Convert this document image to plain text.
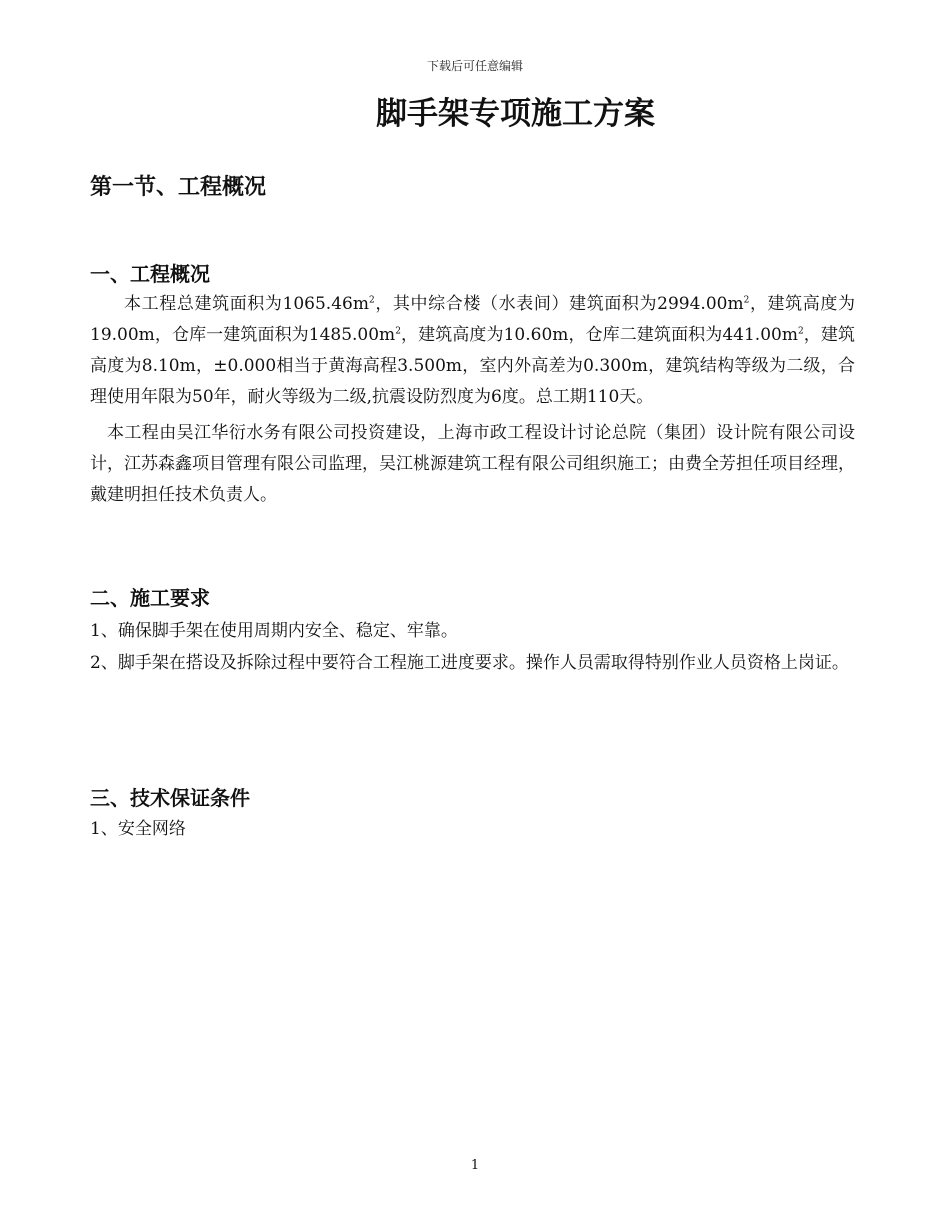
下载后可任意编辑
脚手架专项施工方案
第一节、工程概况
一、工程概况
本工程总建筑面积为$1065.46m^2$，其中综合楼（水表间）建筑面积为$2994.00m^2$，建筑高度为19.00m，仓库一建筑面积为$1485.00m^2$，建筑高度为10.60m，仓库二建筑面积为$441.00m^2$，建筑高度为8.10m，±0.000相当于黄海高程3.500m，室内外高差为0.300m，建筑结构等级为二级，合理使用年限为50年，耐火等级为二级,抗震设防烈度为6度。总工期110天。
本工程由吴江华衍水务有限公司投资建设，上海市政工程设计讨论总院（集团）设计院有限公司设计，江苏森鑫项目管理有限公司监理，吴江桃源建筑工程有限公司组织施工；由费全芳担任项目经理，戴建明担任技术负责人。
二、施工要求
1、确保脚手架在使用周期内安全、稳定、牢靠。
2、脚手架在搭设及拆除过程中要符合工程施工进度要求。操作人员需取得特别作业人员资格上岗证。
三、技术保证条件
1、安全网络
1
